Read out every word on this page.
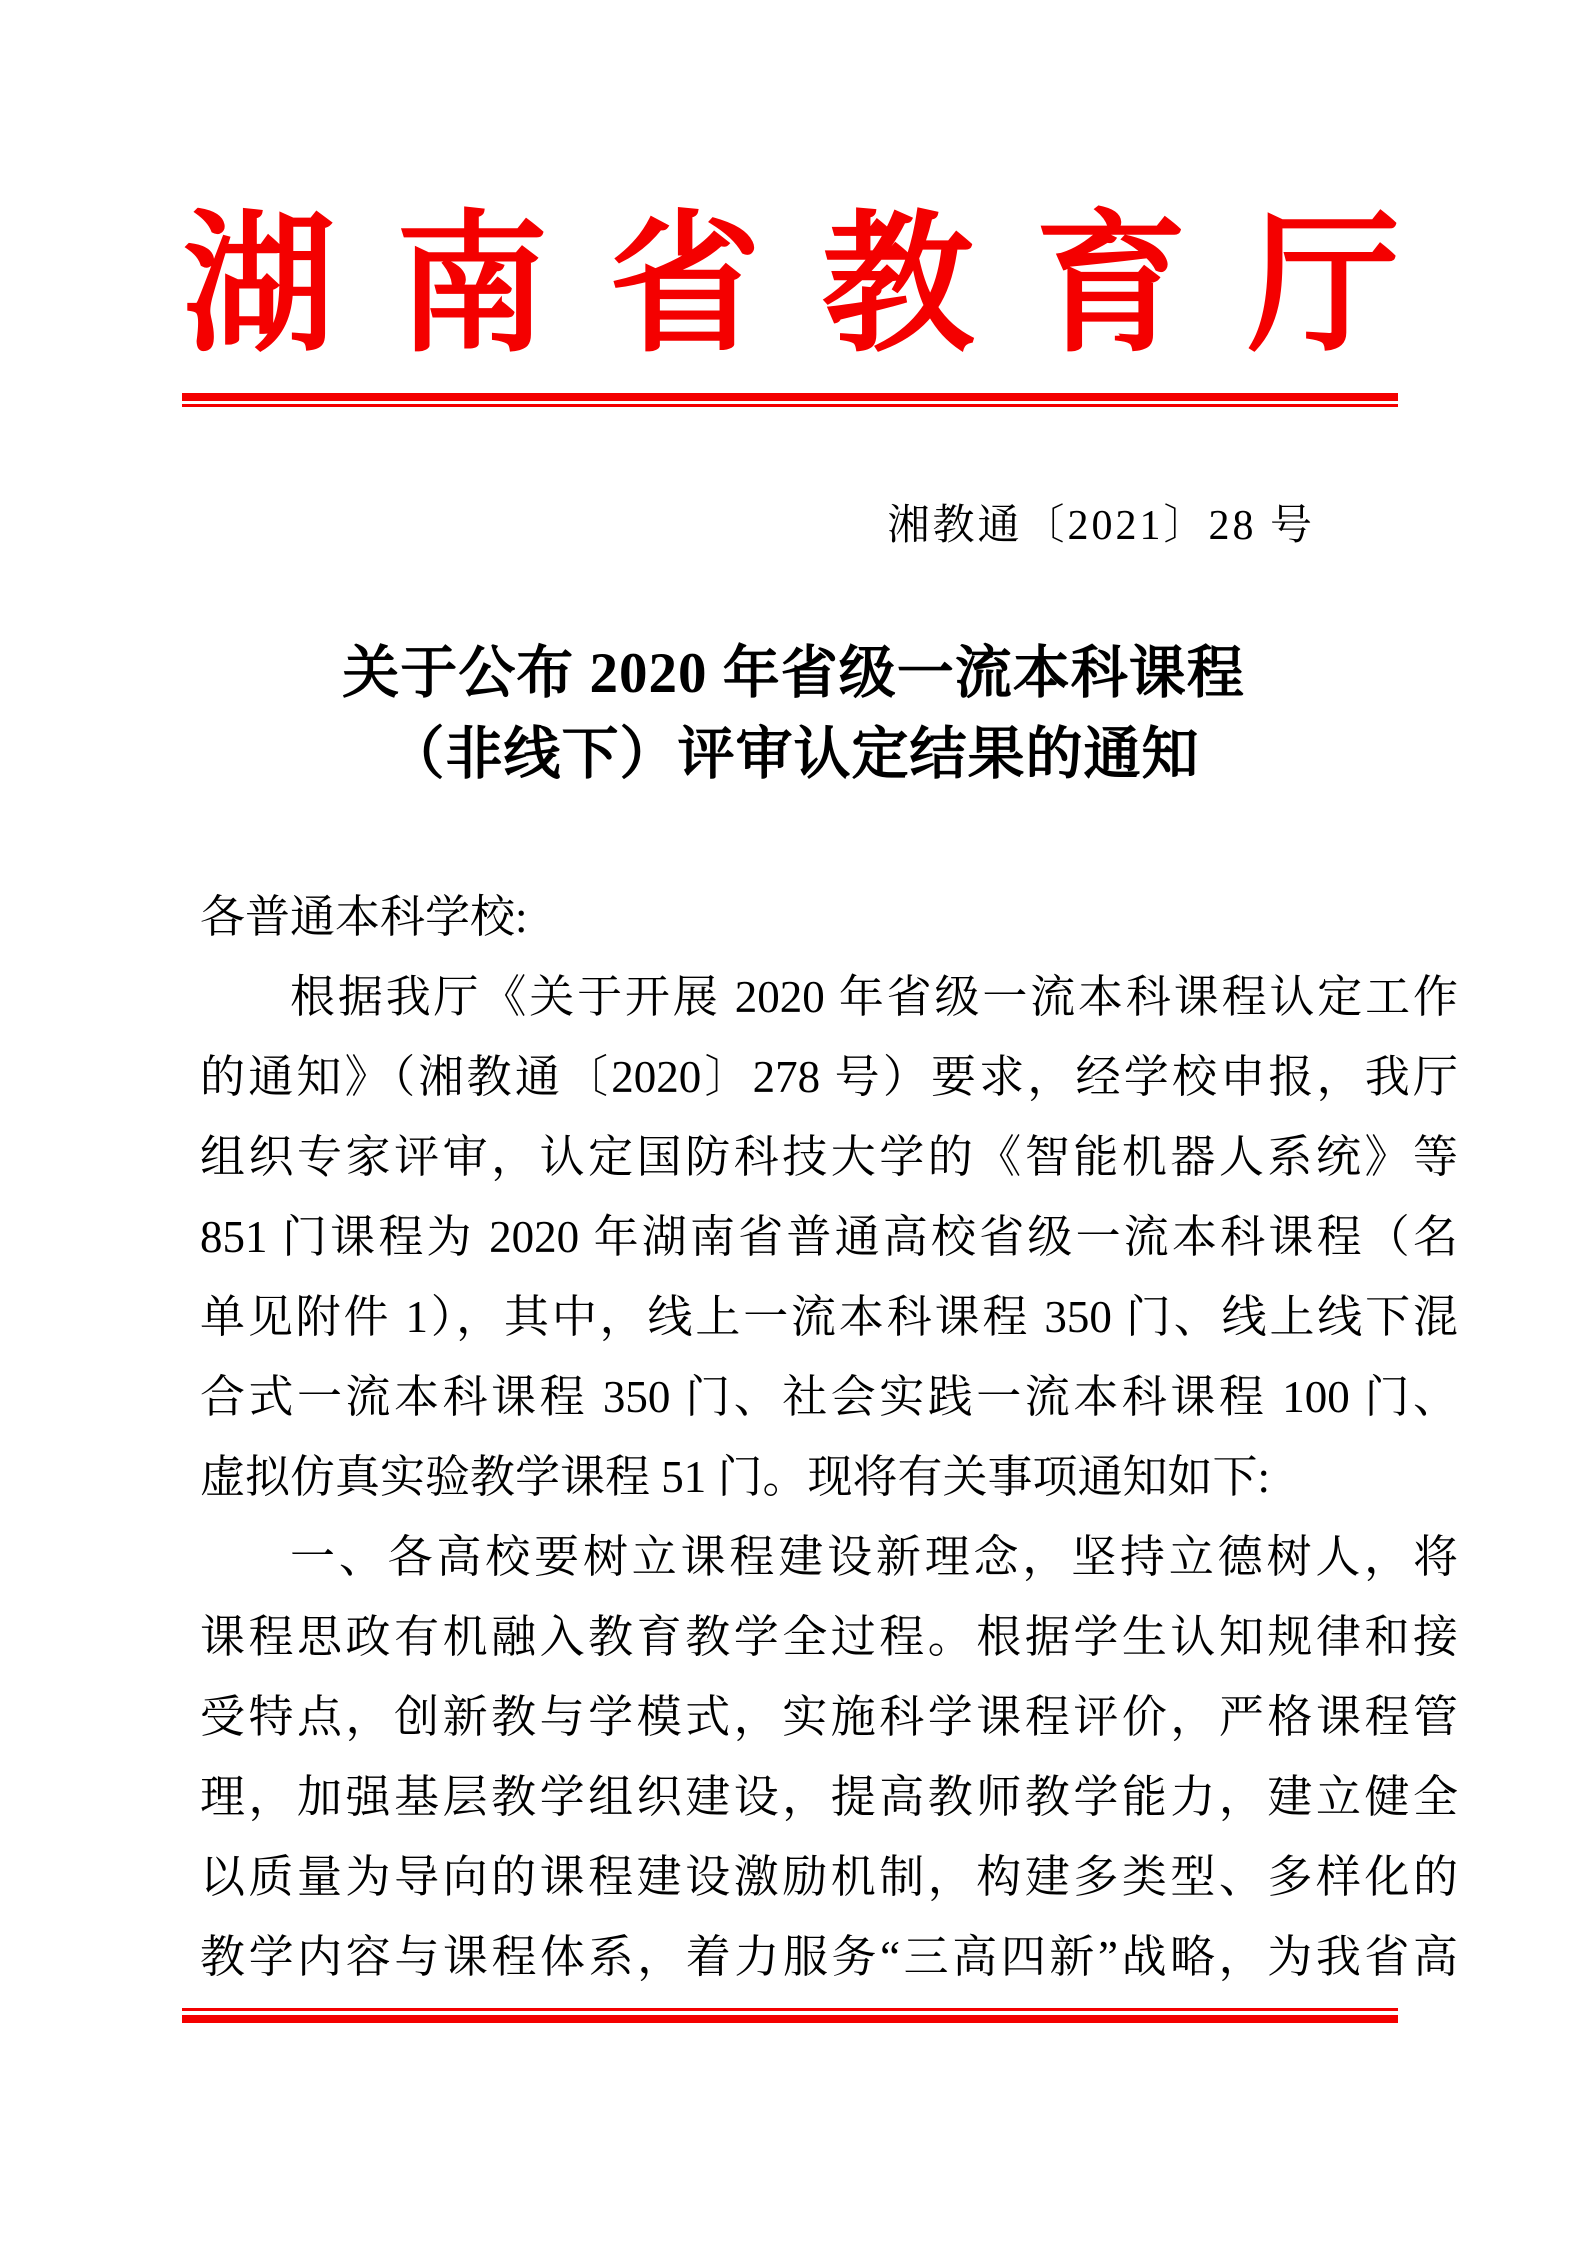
湖南省教育厅
湘教通〔2021〕28 号
关于公布 2020 年省级一流本科课程
（非线下）评审认定结果的通知
各普通本科学校:
根据我厅《关于开展 2020 年省级一流本科课程认定工作
的通知》（湘教通〔2020〕278 号）要求，经学校申报，我厅
组织专家评审，认定国防科技大学的《智能机器人系统》等
851 门课程为 2020 年湖南省普通高校省级一流本科课程（名
单见附件 1），其中，线上一流本科课程 350 门、线上线下混
合式一流本科课程 350 门、社会实践一流本科课程 100 门、
虚拟仿真实验教学课程 51 门。现将有关事项通知如下:
一、各高校要树立课程建设新理念，坚持立德树人，将
课程思政有机融入教育教学全过程。根据学生认知规律和接
受特点，创新教与学模式，实施科学课程评价，严格课程管
理，加强基层教学组织建设，提高教师教学能力，建立健全
以质量为导向的课程建设激励机制，构建多类型、多样化的
教学内容与课程体系，着力服务“三高四新”战略，为我省高
